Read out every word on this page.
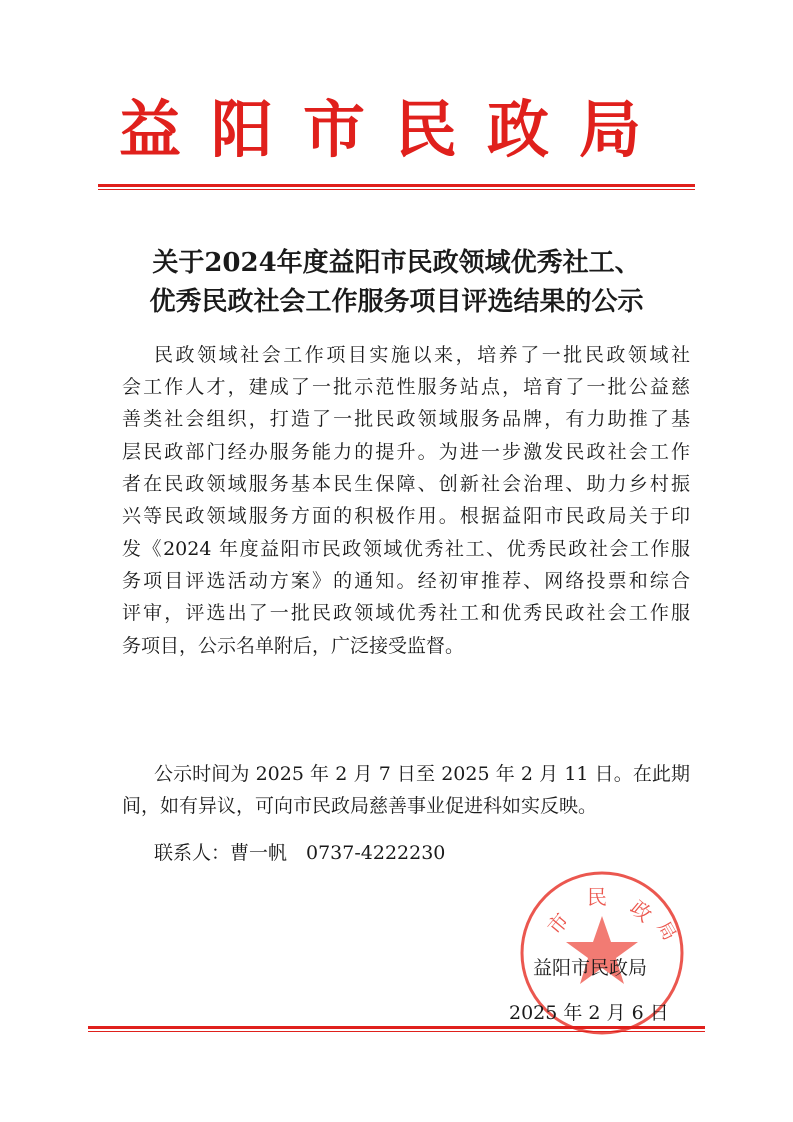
益阳市民政局
关于2024年度益阳市民政领域优秀社工、
优秀民政社会工作服务项目评选结果的公示
民政领域社会工作项目实施以来，培养了一批民政领域社
会工作人才，建成了一批示范性服务站点，培育了一批公益慈
善类社会组织，打造了一批民政领域服务品牌，有力助推了基
层民政部门经办服务能力的提升。为进一步激发民政社会工作
者在民政领域服务基本民生保障、创新社会治理、助力乡村振
兴等民政领域服务方面的积极作用。根据益阳市民政局关于印
发《2024 年度益阳市民政领域优秀社工、优秀民政社会工作服
务项目评选活动方案》的通知。经初审推荐、网络投票和综合
评审，评选出了一批民政领域优秀社工和优秀民政社会工作服
务项目，公示名单附后，广泛接受监督。
公示时间为 2025 年 2 月 7 日至 2025 年 2 月 11 日。在此期
间，如有异议，可向市民政局慈善事业促进科如实反映。
联系人：曹一帆　0737-4222230
市
民 政
局
益阳市民政局
2025 年 2 月 6 日
